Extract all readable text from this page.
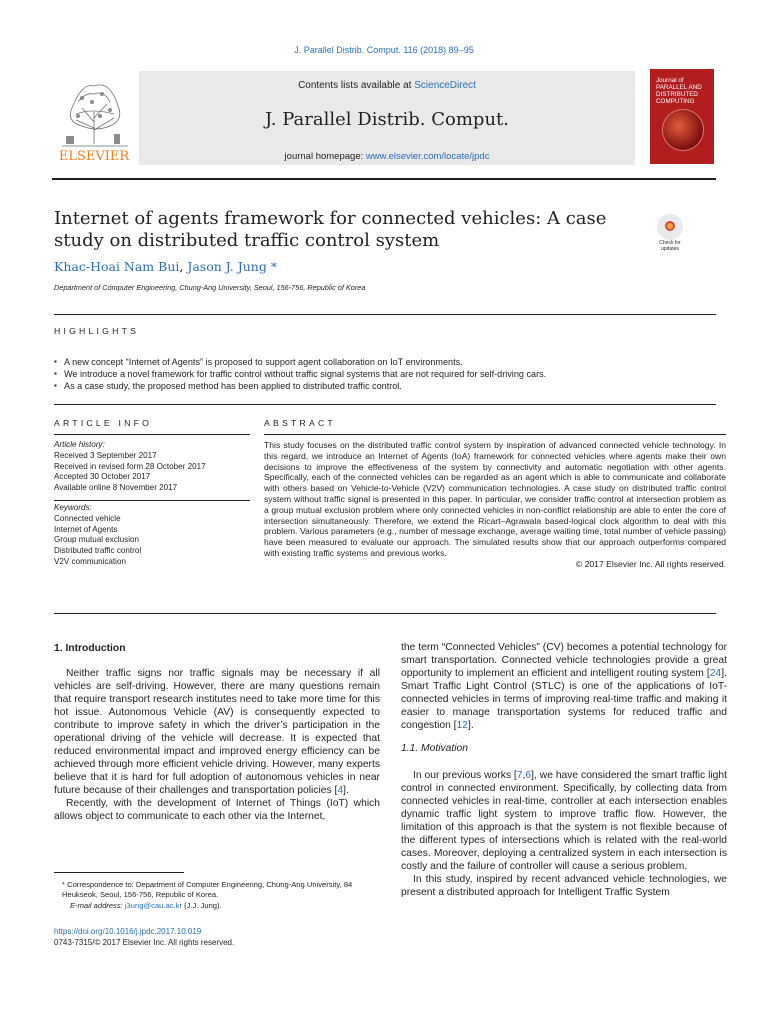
J. Parallel Distrib. Comput. 116 (2018) 89–95
ELSEVIER
Contents lists available at ScienceDirect
J. Parallel Distrib. Comput.
journal homepage: www.elsevier.com/locate/jpdc
Journal of PARALLEL AND DISTRIBUTED COMPUTING
Internet of agents framework for connected vehicles: A case study on distributed traffic control system
Khac-Hoai Nam Bui, Jason J. Jung *
Department of Computer Engineering, Chung-Ang University, Seoul, 156-756, Republic of Korea
Check for updates
HIGHLIGHTS
▪ A new concept “Internet of Agents” is proposed to support agent collaboration on IoT environments.
▪ We introduce a novel framework for traffic control without traffic signal systems that are not required for self-driving cars.
▪ As a case study, the proposed method has been applied to distributed traffic control.
ARTICLE INFO	ABSTRACT
Article history:
Received 3 September 2017
Received in revised form 28 October 2017
Accepted 30 October 2017
Available online 8 November 2017
Keywords:
Connected vehicle
Internet of Agents
Group mutual exclusion
Distributed traffic control
V2V communication
This study focuses on the distributed traffic control system by inspiration of advanced connected vehicle technology. In this regard, we introduce an Internet of Agents (IoA) framework for connected vehicles where agents make their own decisions to improve the effectiveness of the system by connectivity and automatic negotiation with other agents. Specifically, each of the connected vehicles can be regarded as an agent which is able to communicate and collaborate with others based on Vehicle-to-Vehicle (V2V) communication technologies. A case study on distributed traffic control system without traffic signal is presented in this paper. In particular, we consider traffic control at intersection problem as a group mutual exclusion problem where only connected vehicles in non-conflict relationship are able to enter the core of intersection simultaneously. Therefore, we extend the Ricart–Agrawala based-logical clock algorithm to deal with this problem. Various parameters (e.g., number of message exchange, average waiting time, total number of vehicle passing) have been measured to evaluate our approach. The simulated results show that our approach outperforms compared with existing traffic systems and previous works.
© 2017 Elsevier Inc. All rights reserved.
1. Introduction

Neither traffic signs nor traffic signals may be necessary if all vehicles are self-driving. However, there are many questions remain that require transport research institutes need to take more time for this hot issue. Autonomous Vehicle (AV) is consequently expected to contribute to improve safety in which the driver’s participation in the operational driving of the vehicle will decrease. It is expected that reduced environmental impact and improved energy efficiency can be achieved through more efficient vehicle driving. However, many experts believe that it is hard for full adoption of autonomous vehicles in near future because of their challenges and transportation policies [4].

Recently, with the development of Internet of Things (IoT) which allows object to communicate to each other via the Internet,

* Correspondence to: Department of Computer Engineering, Chung-Ang University, 84 Heukseok, Seoul, 156-756, Republic of Korea.
E-mail address: j3ung@cau.ac.kr (J.J. Jung).
https://doi.org/10.1016/j.jpdc.2017.10.019
0743-7315/© 2017 Elsevier Inc. All rights reserved.

the term “Connected Vehicles” (CV) becomes a potential technology for smart transportation. Connected vehicle technologies provide a great opportunity to implement an efficient and intelligent routing system [24]. Smart Traffic Light Control (STLC) is one of the applications of IoT-connected vehicles in terms of improving real-time traffic and making it easier to manage transportation systems for reduced traffic and congestion [12].

1.1. Motivation

In our previous works [7,6], we have considered the smart traffic light control in connected environment. Specifically, by collecting data from connected vehicles in real-time, controller at each intersection enables dynamic traffic light system to improve traffic flow. However, the limitation of this approach is that the system is not flexible because of the different types of intersections which is related with the real-world cases. Moreover, deploying a centralized system in each intersection is costly and the failure of controller will cause a serious problem.

In this study, inspired by recent advanced vehicle technologies, we present a distributed approach for Intelligent Traffic System
